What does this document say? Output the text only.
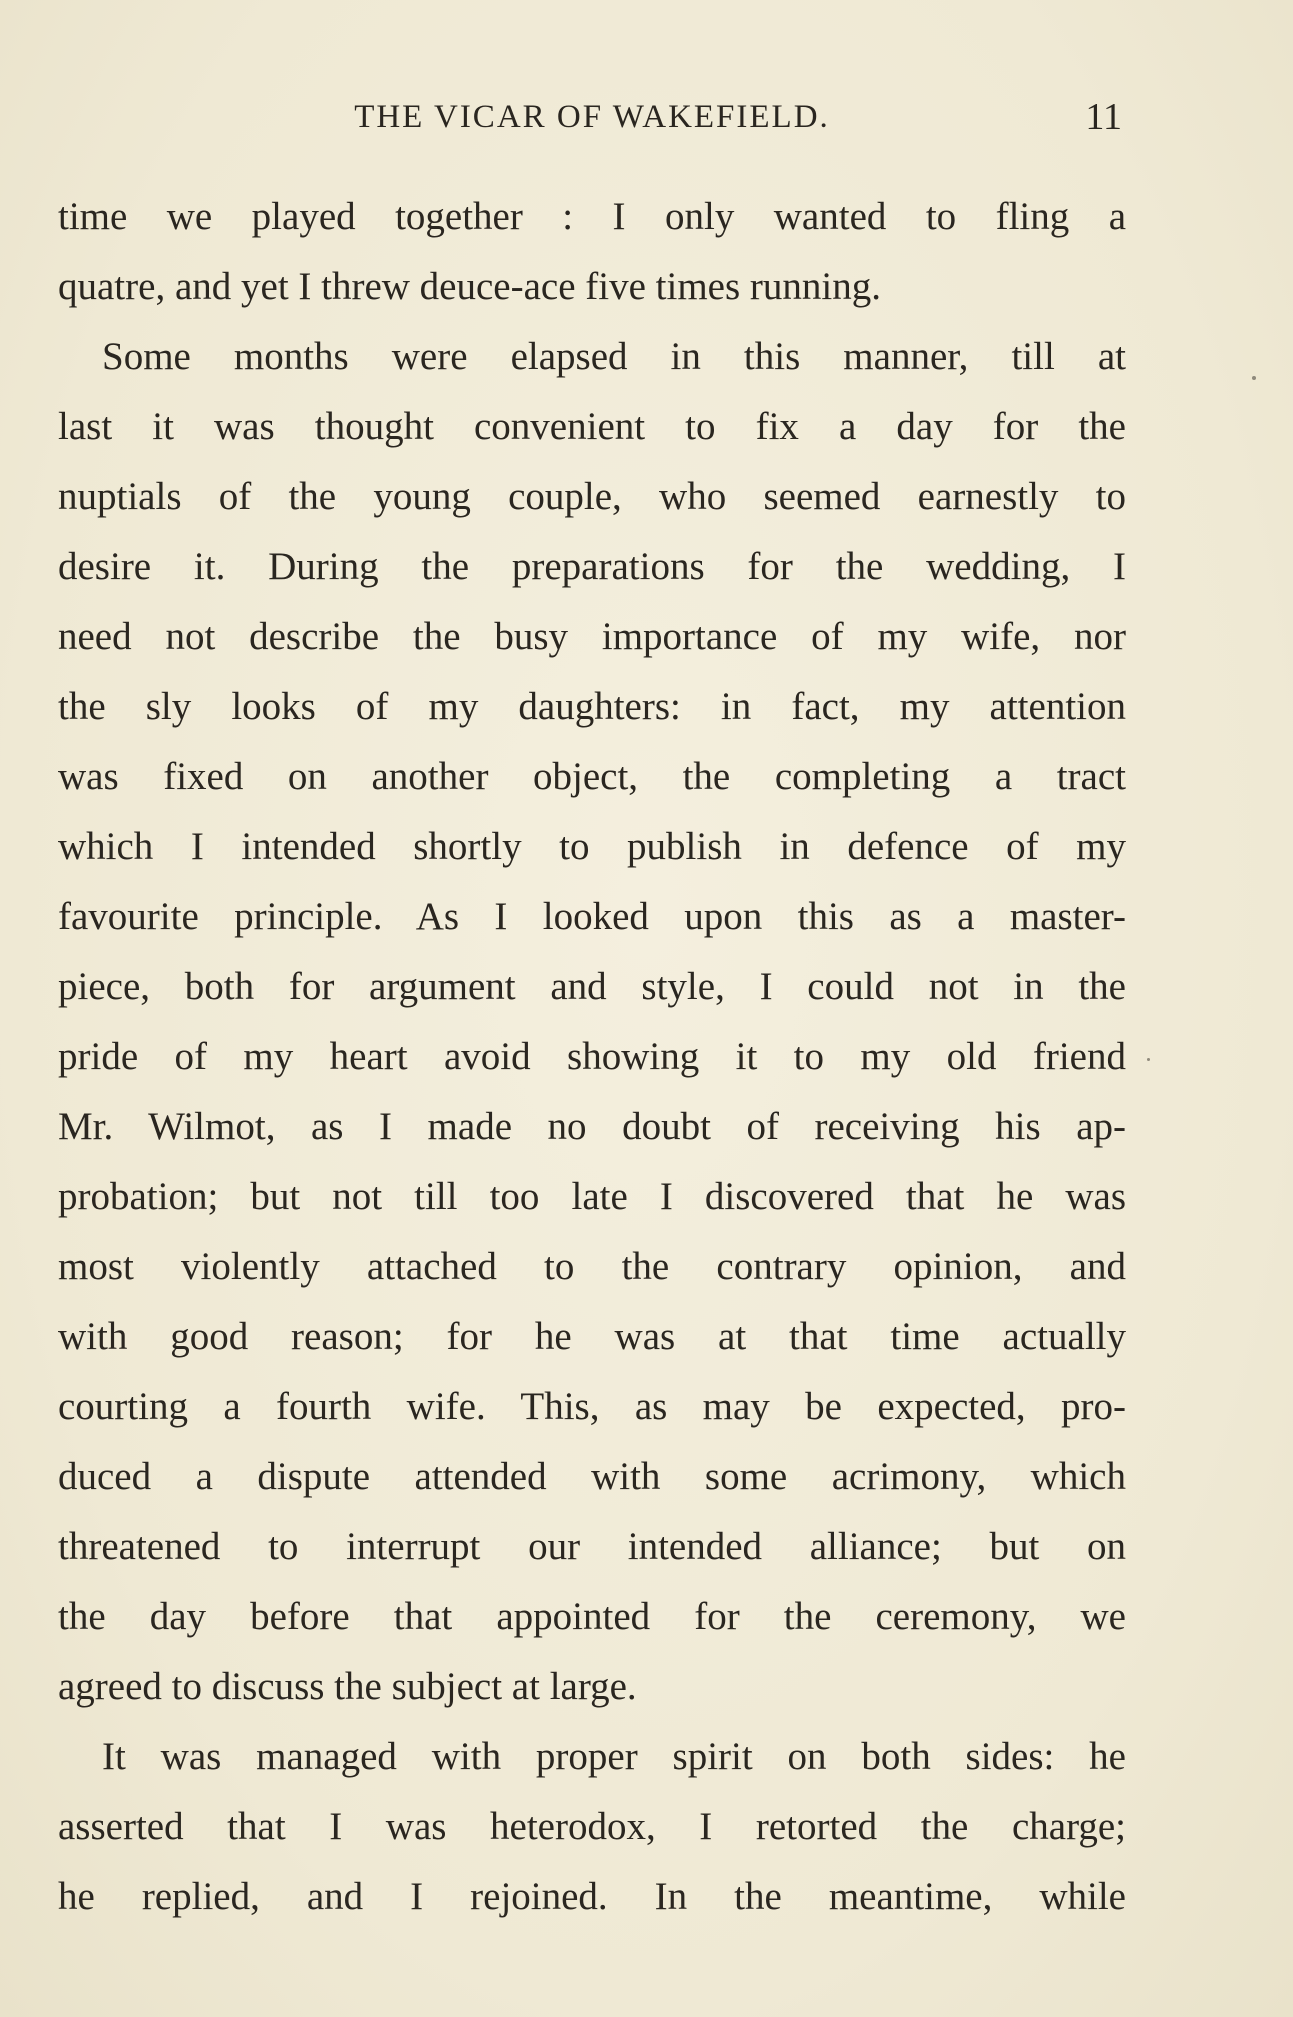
THE VICAR OF WAKEFIELD.	11
time we played together : I only wanted to fling a
quatre, and yet I threw deuce-ace five times running.
Some months were elapsed in this manner, till at
last it was thought convenient to fix a day for the
nuptials of the young couple, who seemed earnestly to
desire it. During the preparations for the wedding, I
need not describe the busy importance of my wife, nor
the sly looks of my daughters: in fact, my attention
was fixed on another object, the completing a tract
which I intended shortly to publish in defence of my
favourite principle. As I looked upon this as a master-
piece, both for argument and style, I could not in the
pride of my heart avoid showing it to my old friend
Mr. Wilmot, as I made no doubt of receiving his ap-
probation; but not till too late I discovered that he was
most violently attached to the contrary opinion, and
with good reason; for he was at that time actually
courting a fourth wife. This, as may be expected, pro-
duced a dispute attended with some acrimony, which
threatened to interrupt our intended alliance; but on
the day before that appointed for the ceremony, we
agreed to discuss the subject at large.
It was managed with proper spirit on both sides: he
asserted that I was heterodox, I retorted the charge;
he replied, and I rejoined. In the meantime, while
